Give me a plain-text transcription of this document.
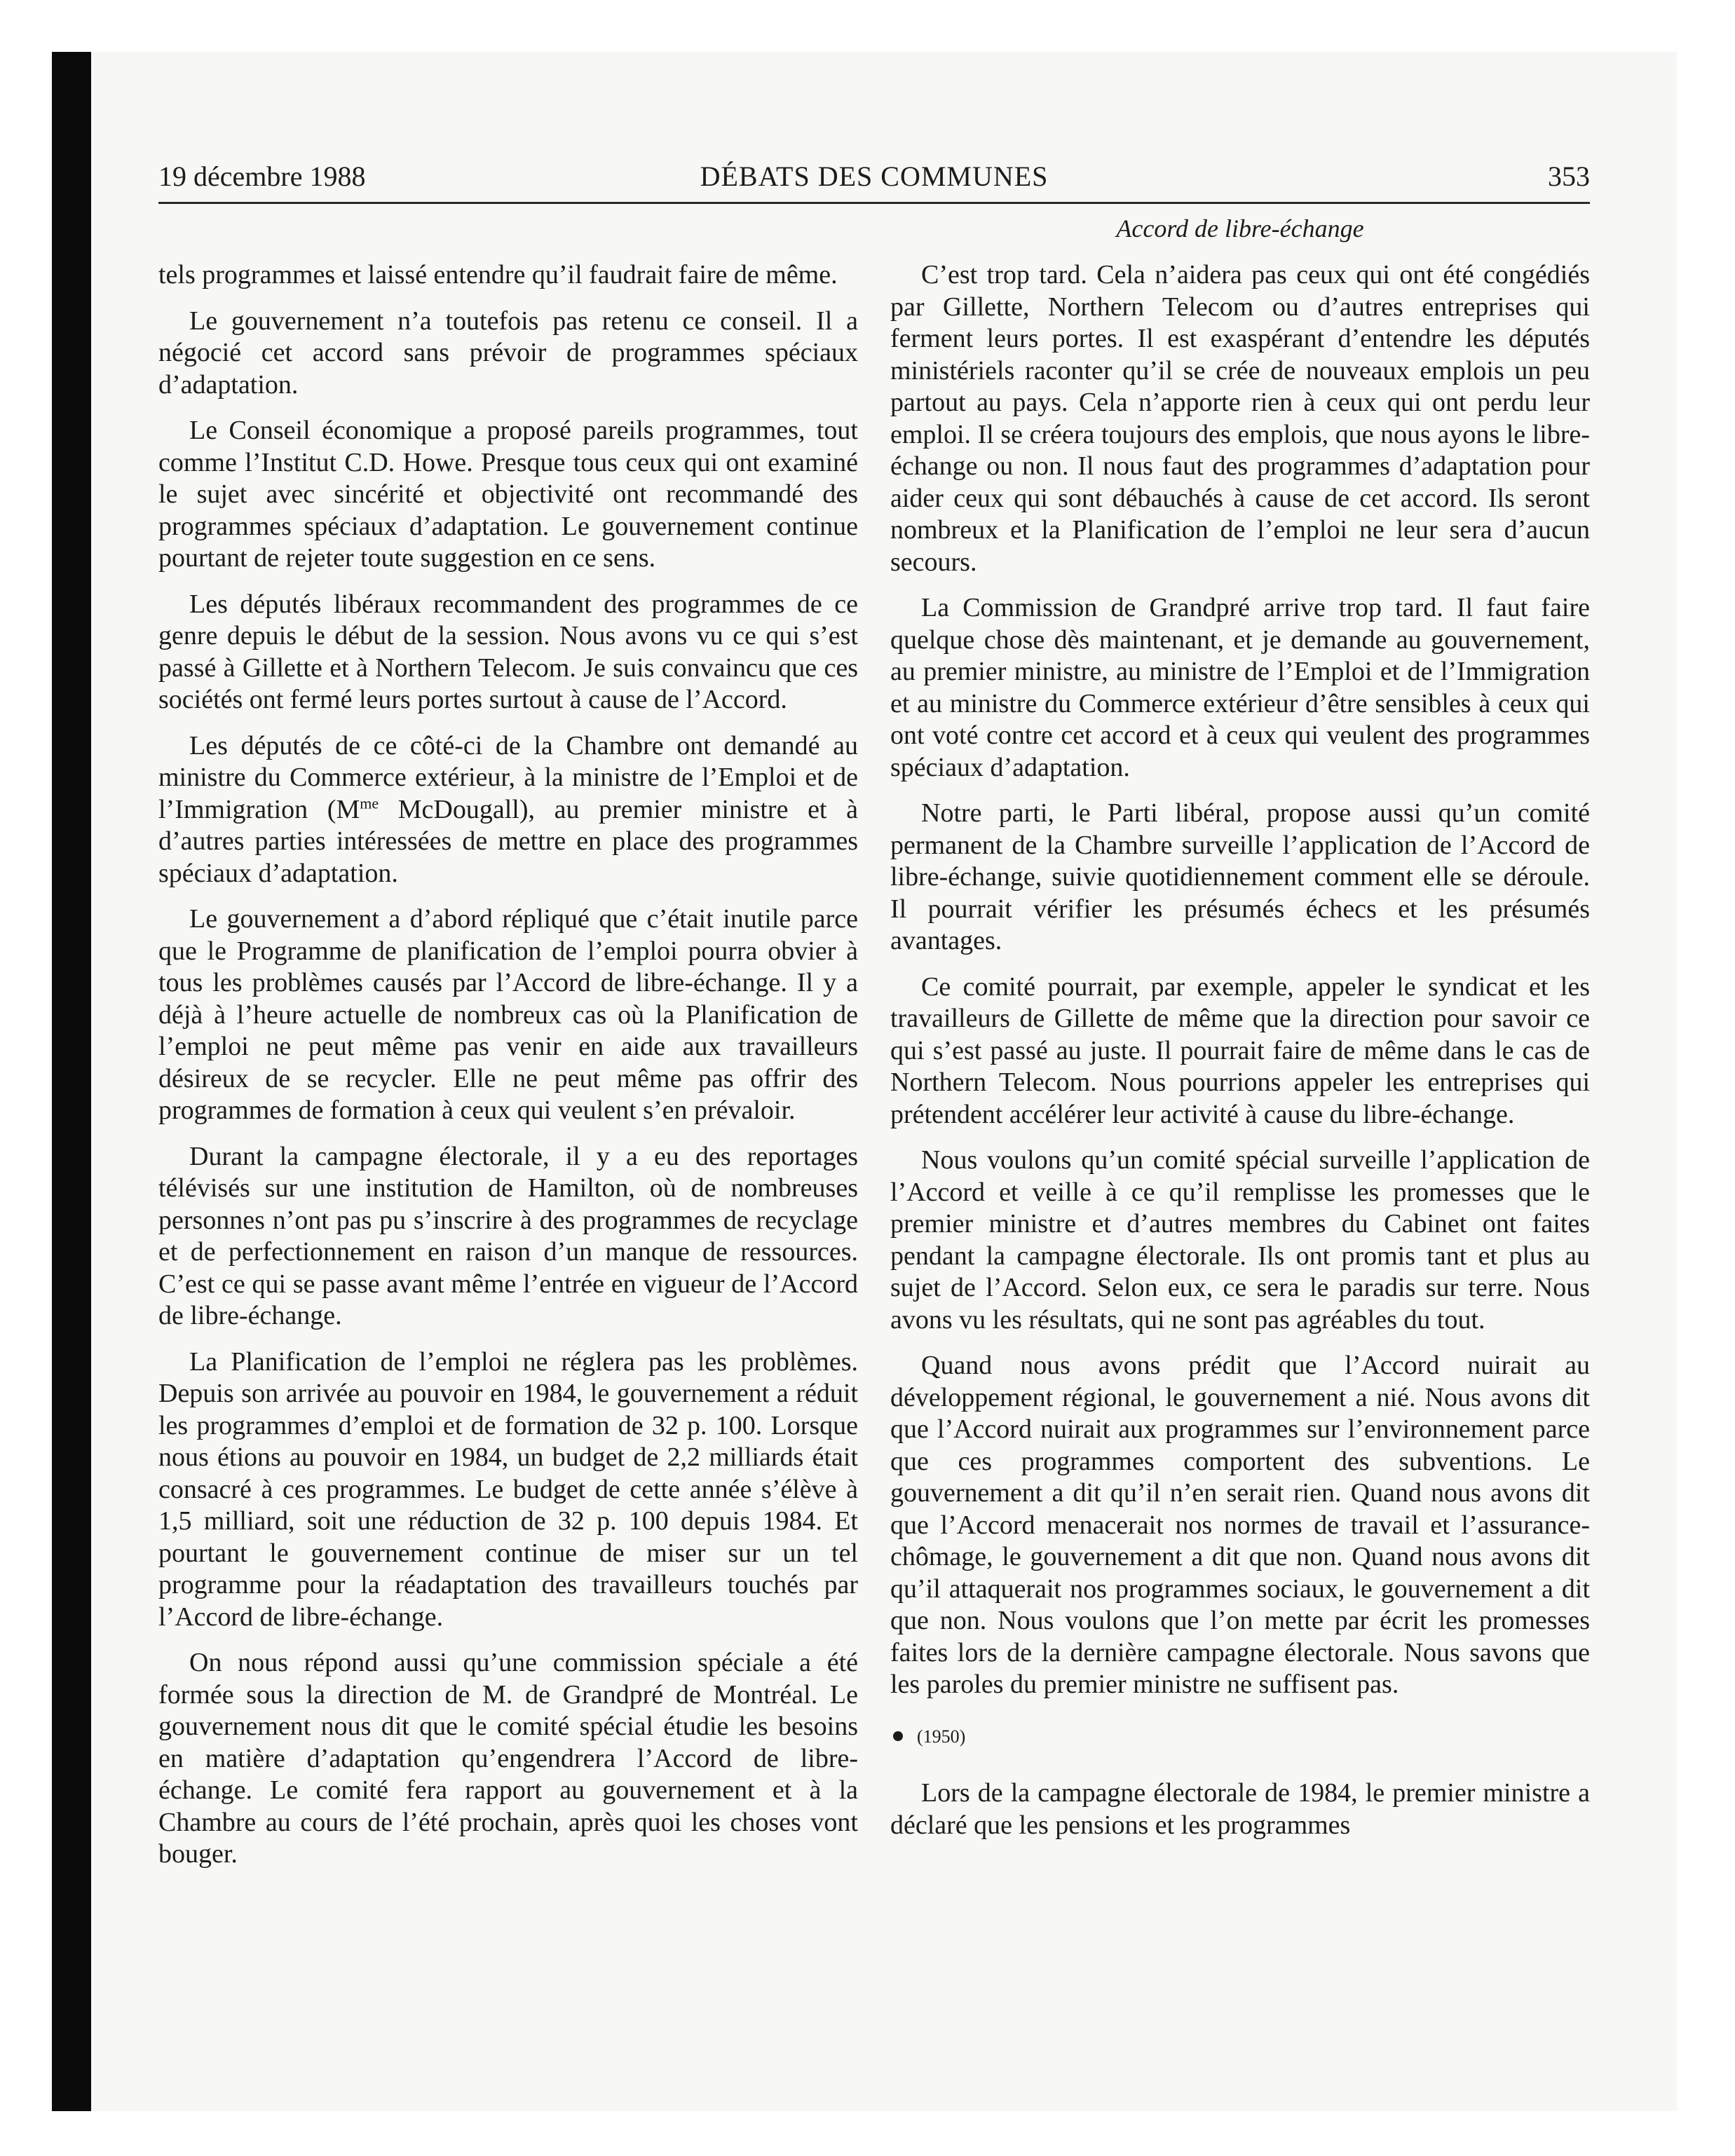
19 décembre 1988	DÉBATS DES COMMUNES	353
Accord de libre-échange

tels programmes et laissé entendre qu’il faudrait faire de même.

Le gouvernement n’a toutefois pas retenu ce conseil. Il a négocié cet accord sans prévoir de programmes spéciaux d’adaptation.

Le Conseil économique a proposé pareils programmes, tout comme l’Institut C.D. Howe. Presque tous ceux qui ont examiné le sujet avec sincérité et objectivité ont recommandé des programmes spéciaux d’adaptation. Le gouvernement continue pourtant de rejeter toute suggestion en ce sens.

Les députés libéraux recommandent des programmes de ce genre depuis le début de la session. Nous avons vu ce qui s’est passé à Gillette et à Northern Telecom. Je suis convaincu que ces sociétés ont fermé leurs portes surtout à cause de l’Accord.

Les députés de ce côté-ci de la Chambre ont demandé au ministre du Commerce extérieur, à la ministre de l’Emploi et de l’Immigration ($M^{me}$ McDougall), au premier ministre et à d’autres parties intéressées de mettre en place des programmes spéciaux d’adaptation.

Le gouvernement a d’abord répliqué que c’était inutile parce que le Programme de planification de l’emploi pourra obvier à tous les problèmes causés par l’Accord de libre-échange. Il y a déjà à l’heure actuelle de nombreux cas où la Planification de l’emploi ne peut même pas venir en aide aux travailleurs désireux de se recycler. Elle ne peut même pas offrir des programmes de formation à ceux qui veulent s’en prévaloir.

Durant la campagne électorale, il y a eu des reportages télévisés sur une institution de Hamilton, où de nombreuses personnes n’ont pas pu s’inscrire à des programmes de recyclage et de perfectionnement en raison d’un manque de ressources. C’est ce qui se passe avant même l’entrée en vigueur de l’Accord de libre-échange.

La Planification de l’emploi ne réglera pas les problèmes. Depuis son arrivée au pouvoir en 1984, le gouvernement a réduit les programmes d’emploi et de formation de 32 p. 100. Lorsque nous étions au pouvoir en 1984, un budget de 2,2 milliards était consacré à ces programmes. Le budget de cette année s’élève à 1,5 milliard, soit une réduction de 32 p. 100 depuis 1984. Et pourtant le gouvernement continue de miser sur un tel programme pour la réadaptation des travailleurs touchés par l’Accord de libre-échange.

On nous répond aussi qu’une commission spéciale a été formée sous la direction de M. de Grandpré de Montréal. Le gouvernement nous dit que le comité spécial étudie les besoins en matière d’adaptation qu’engendrera l’Accord de libre-échange. Le comité fera rapport au gouvernement et à la Chambre au cours de l’été prochain, après quoi les choses vont bouger.

C’est trop tard. Cela n’aidera pas ceux qui ont été congédiés par Gillette, Northern Telecom ou d’autres entreprises qui ferment leurs portes. Il est exaspérant d’entendre les députés ministériels raconter qu’il se crée de nouveaux emplois un peu partout au pays. Cela n’apporte rien à ceux qui ont perdu leur emploi. Il se créera toujours des emplois, que nous ayons le libre-échange ou non. Il nous faut des programmes d’adaptation pour aider ceux qui sont débauchés à cause de cet accord. Ils seront nombreux et la Planification de l’emploi ne leur sera d’aucun secours.

La Commission de Grandpré arrive trop tard. Il faut faire quelque chose dès maintenant, et je demande au gouvernement, au premier ministre, au ministre de l’Emploi et de l’Immigration et au ministre du Commerce extérieur d’être sensibles à ceux qui ont voté contre cet accord et à ceux qui veulent des programmes spéciaux d’adaptation.

Notre parti, le Parti libéral, propose aussi qu’un comité permanent de la Chambre surveille l’application de l’Accord de libre-échange, suivie quotidiennement comment elle se déroule. Il pourrait vérifier les présumés échecs et les présumés avantages.

Ce comité pourrait, par exemple, appeler le syndicat et les travailleurs de Gillette de même que la direction pour savoir ce qui s’est passé au juste. Il pourrait faire de même dans le cas de Northern Telecom. Nous pourrions appeler les entreprises qui prétendent accélérer leur activité à cause du libre-échange.

Nous voulons qu’un comité spécial surveille l’application de l’Accord et veille à ce qu’il remplisse les promesses que le premier ministre et d’autres membres du Cabinet ont faites pendant la campagne électorale. Ils ont promis tant et plus au sujet de l’Accord. Selon eux, ce sera le paradis sur terre. Nous avons vu les résultats, qui ne sont pas agréables du tout.

Quand nous avons prédit que l’Accord nuirait au développement régional, le gouvernement a nié. Nous avons dit que l’Accord nuirait aux programmes sur l’environnement parce que ces programmes comportent des subventions. Le gouvernement a dit qu’il n’en serait rien. Quand nous avons dit que l’Accord menacerait nos normes de travail et l’assurance-chômage, le gouvernement a dit que non. Quand nous avons dit qu’il attaquerait nos programmes sociaux, le gouvernement a dit que non. Nous voulons que l’on mette par écrit les promesses faites lors de la dernière campagne électorale. Nous savons que les paroles du premier ministre ne suffisent pas.

(1950)

Lors de la campagne électorale de 1984, le premier ministre a déclaré que les pensions et les programmes
